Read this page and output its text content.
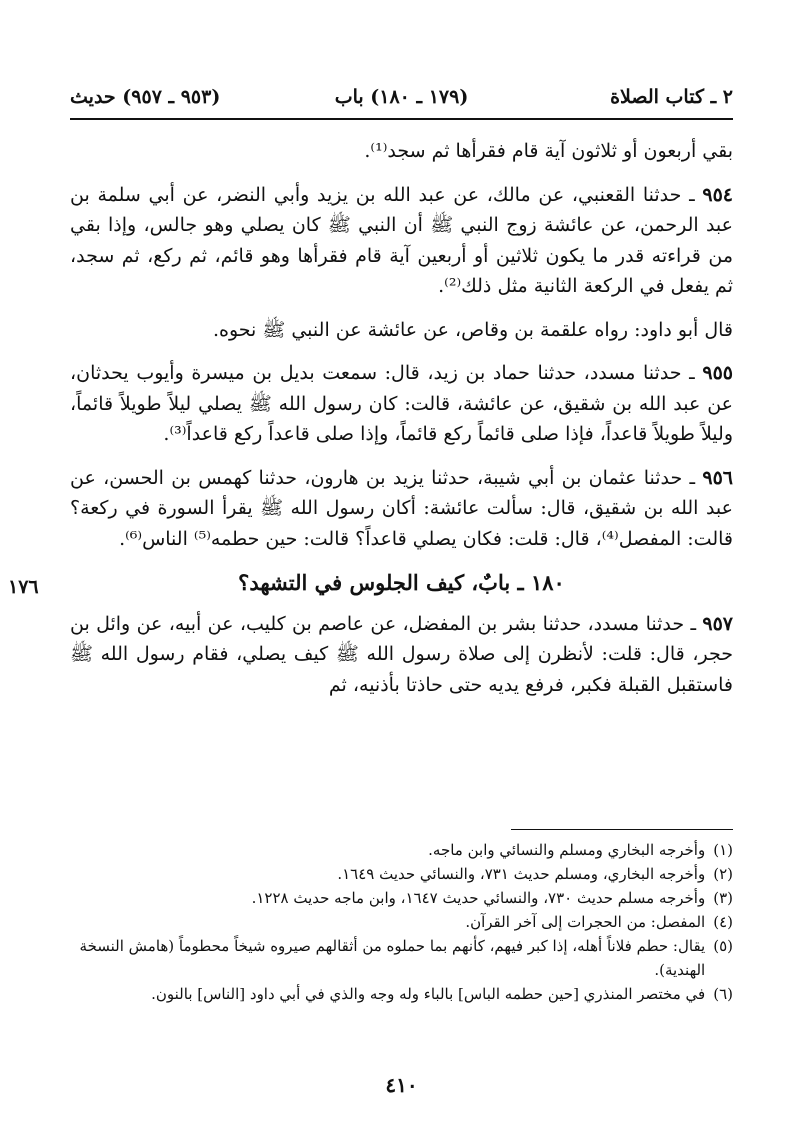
٢ ـ كتاب الصلاة
(١٧٩ ـ ١٨٠) باب
(٩٥٣ ـ ٩٥٧) حديث

بقي أربعون أو ثلاثون آية قام فقرأها ثم سجد⁽¹⁾.

٩٥٤ ـ حدثنا القعنبي، عن مالك، عن عبد الله بن يزيد وأبي النضر، عن أبي سلمة بن عبد الرحمن، عن عائشة زوج النبي ﷺ أن النبي ﷺ كان يصلي وهو جالس، وإذا بقي من قراءته قدر ما يكون ثلاثين أو أربعين آية قام فقرأها وهو قائم، ثم ركع، ثم سجد، ثم يفعل في الركعة الثانية مثل ذلك⁽²⁾.

قال أبو داود: رواه علقمة بن وقاص، عن عائشة عن النبي ﷺ نحوه.

٩٥٥ ـ حدثنا مسدد، حدثنا حماد بن زيد، قال: سمعت بديل بن ميسرة وأيوب يحدثان، عن عبد الله بن شقيق، عن عائشة، قالت: كان رسول الله ﷺ يصلي ليلاً طويلاً قائماً، وليلاً طويلاً قاعداً، فإذا صلى قائماً ركع قائماً، وإذا صلى قاعداً ركع قاعداً⁽³⁾.

٩٥٦ ـ حدثنا عثمان بن أبي شيبة، حدثنا يزيد بن هارون، حدثنا كهمس بن الحسن، عن عبد الله بن شقيق، قال: سألت عائشة: أكان رسول الله ﷺ يقرأ السورة في ركعة؟ قالت: المفصل⁽⁴⁾، قال: قلت: فكان يصلي قاعداً؟ قالت: حين حطمه⁽⁵⁾ الناس⁽⁶⁾.

١٧٦	١٨٠ ـ بابٌ، كيف الجلوس في التشهد؟

٩٥٧ ـ حدثنا مسدد، حدثنا بشر بن المفضل، عن عاصم بن كليب، عن أبيه، عن وائل بن حجر، قال: قلت: لأنظرن إلى صلاة رسول الله ﷺ كيف يصلي، فقام رسول الله ﷺ فاستقبل القبلة فكبر، فرفع يديه حتى حاذتا بأذنيه، ثم

(١)
وأخرجه البخاري ومسلم والنسائي وابن ماجه.
(٢)
وأخرجه البخاري، ومسلم حديث ٧٣١، والنسائي حديث ١٦٤٩.
(٣)
وأخرجه مسلم حديث ٧٣٠، والنسائي حديث ١٦٤٧، وابن ماجه حديث ١٢٢٨.
(٤)
المفصل: من الحجرات إلى آخر القرآن.
(٥)
يقال: حطم فلاناً أهله، إذا كبر فيهم، كأنهم بما حملوه من أثقالهم صيروه شيخاً محطوماً (هامش النسخة الهندية).
(٦)
في مختصر المنذري [حين حطمه الباس] بالباء وله وجه والذي في أبي داود [الناس] بالنون.
٤١٠
